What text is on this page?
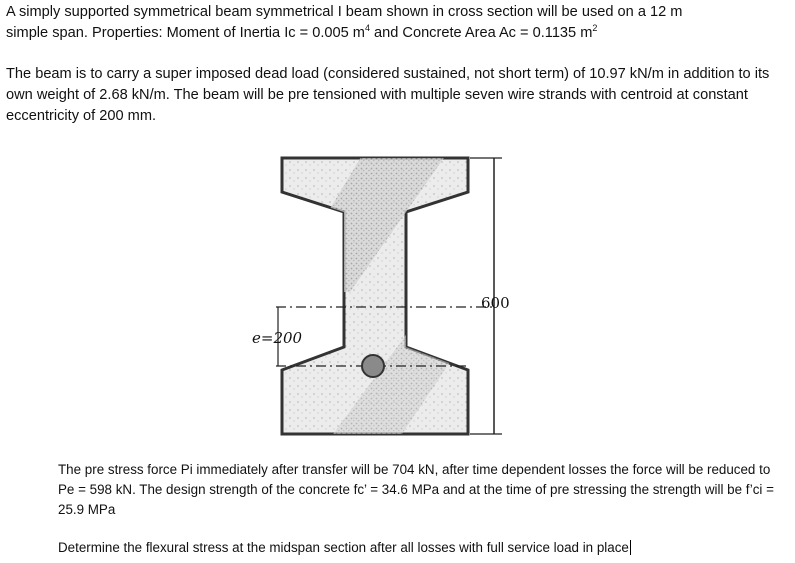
A simply supported symmetrical beam symmetrical I beam shown in cross section will be used on a 12 m
simple span. Properties: Moment of Inertia Ic = 0.005 $m^4$ and Concrete Area Ac = 0.1135 $m^2$

The beam is to carry a super imposed dead load (considered sustained, not short term) of 10.97 kN/m in addition to its own weight of 2.68 kN/m. The beam will be pre tensioned with multiple seven wire strands with centroid at constant eccentricity of 200 mm.

600
e=200

The pre stress force Pi immediately after transfer will be 704 kN, after time dependent losses the force will be reduced to Pe = 598 kN. The design strength of the concrete fc’ = 34.6 MPa and at the time of pre stressing the strength will be f’ci = 25.9 MPa

Determine the flexural stress at the midspan section after all losses with full service load in place
